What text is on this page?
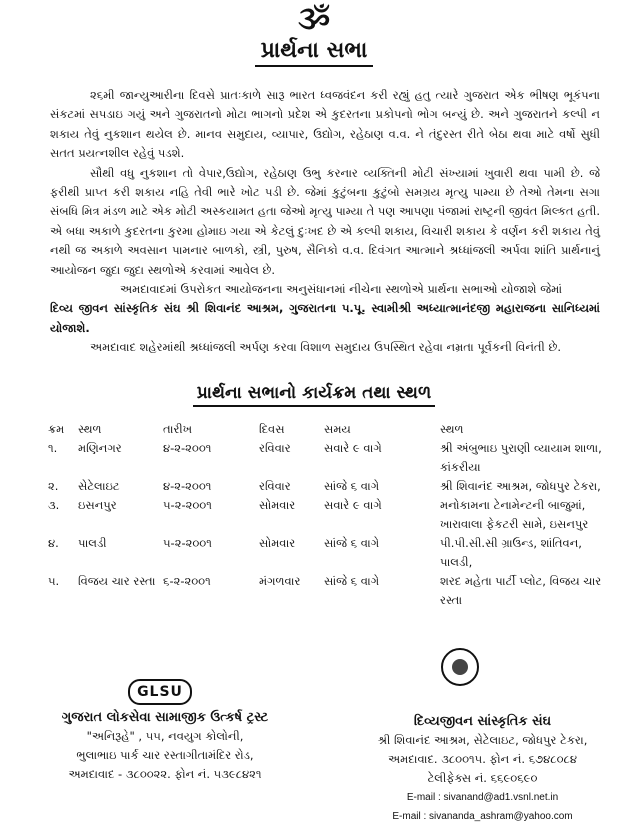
ૐ
પ્રાર્થના સભા

૨૬મી જાન્યુઆરીના દિવસે પ્રાતઃકાળે સારૂ ભારત ધ્વજવંદન કરી રહ્યું હતુ ત્યારે ગુજરાત એક ભીષણ ભૂકંપના સંકટમાં સપડાઇ ગયું અને ગુજરાતનો મોટા ભાગનો પ્રદેશ એ કુદરતના પ્રકોપનો ભોગ બન્યું છે. અને ગુજરાતને કલ્પી ન શકાય તેવું નુકશાન થયેલ છે. માનવ સમુદાય, વ્યાપાર, ઉદ્યોગ, રહેઠાણ વ.વ. ને તંદુરસ્ત રીતે બેઠા થવા માટે વર્ષો સુધી સતત પ્રયત્નશીલ રહેવું પડશે.

સૌથી વધુ નુકશાન તો વેપાર,ઉદ્યોગ, રહેઠાણ ઉભુ કરનાર વ્યક્તિની મોટી સંખ્યામાં ખુવારી થવા પામી છે. જે ફરીથી પ્રાપ્ત કરી શકાય નહિ તેવી ભારે ખોટ પડી છે. જેમાં કુટુંબના કુટુંબો સમગ્રય મૃત્યુ પામ્યા છે તેઓ તેમના સગા સંબધિ મિત્ર મંડળ માટે એક મોટી અસ્કયામત હતા જેઓ મૃત્યુ પામ્યા તે પણ આપણા પંજામાં રાષ્ટ્રની જીવંત મિલ્કત હતી. એ બધા અકાળે કુદરતના કુરમા હોમાઇ ગયા એ કેટલું દુઃખદ છે એ કલ્પી શકાય, વિચારી શકાય કે વર્ણન કરી શકાય તેવું નથી જ અકાળે અવસાન પામનાર બાળકો, સ્ત્રી, પુરુષ, સૈનિકો વ.વ. દિવંગત આત્માને શ્રધ્ધાંજલી અર્પવા શાંતિ પ્રાર્થનાનું આયોજન જુદા જુદા સ્થળોએ કરવામાં આવેલ છે.

અમદાવાદમાં ઉપરોકત આયોજનના અનુસંધાનમાં નીચેના સ્થળોએ પ્રાર્થના સભાઓ યોજાશે જેમાં

દિવ્ય જીવન સાંસ્કૃતિક સંઘ શ્રી શિવાનંદ આશ્રમ, ગુજરાતના પ.પૂ. સ્વામીશ્રી અધ્યાત્માનંદજી મહારાજના સાનિધ્યમાં યોજાશે.

અમદાવાદ શહેરમાંથી શ્રધ્ધાંજલી અર્પણ કરવા વિશાળ સમુદાય ઉપસ્થિત રહેવા નમ્રતા પૂર્વકની વિનંતી છે.

પ્રાર્થના સભાનો કાર્યક્રમ તથા સ્થળ
ક્રમ	સ્થળ	તારીખ	દિવસ	સમય	સ્થળ
૧.	મણિનગર	૪-૨-૨૦૦૧	રવિવાર	સવારે ૯ વાગે	શ્રી અંબુભાઇ પુરાણી વ્યાયામ શાળા, કાંકરીયા
૨.	સેટેલાઇટ	૪-૨-૨૦૦૧	રવિવાર	સાંજે ૬ વાગે	શ્રી શિવાનંદ આશ્રમ, જોધપુર ટેકરા,
૩.	ઇસનપુર	૫-૨-૨૦૦૧	સોમવાર	સવારે ૯ વાગે	મનોકામના ટેનામેન્ટની બાજુમાં, ખારાવાલા ફેકટરી સામે, ઇસનપુર
૪.	પાલડી	૫-૨-૨૦૦૧	સોમવાર	સાંજે ૬ વાગે	પી.પી.સી.સી ગ્રાઉન્ડ, શાંતિવન, પાલડી,
૫.	વિજય ચાર રસ્તા	૬-૨-૨૦૦૧	મંગળવાર	સાંજે ૬ વાગે	શરદ મહેતા પાર્ટી પ્લોટ, વિજય ચાર રસ્તા
GLSU
ગુજરાત લોકસેવા સામાજીક ઉત્કર્ષ ટ્રસ્ટ
"અનિરૂહે" , ૫૫, નવયુગ કોલોની,
ભુલાભાઇ પાર્ક ચાર રસ્તાગીતામંદિર રોડ,
અમદાવાદ - ૩૮૦૦૨૨. ફોન નં. ૫૩૯૮૪૨૧
દિવ્યજીવન સાંસ્કૃતિક સંઘ
શ્રી શિવાનંદ આશ્રમ, સેટેલાઇટ, જોધપુર ટેકરા,
અમદાવાદ. ૩૮૦૦૧૫. ફોન નં. ૬૭૪૮૦૮૪
ટેલીફેક્સ નં. ૬૬૯૦૬૯૦
E-mail : sivanand@ad1.vsnl.net.in
E-mail : sivananda_ashram@yahoo.com
